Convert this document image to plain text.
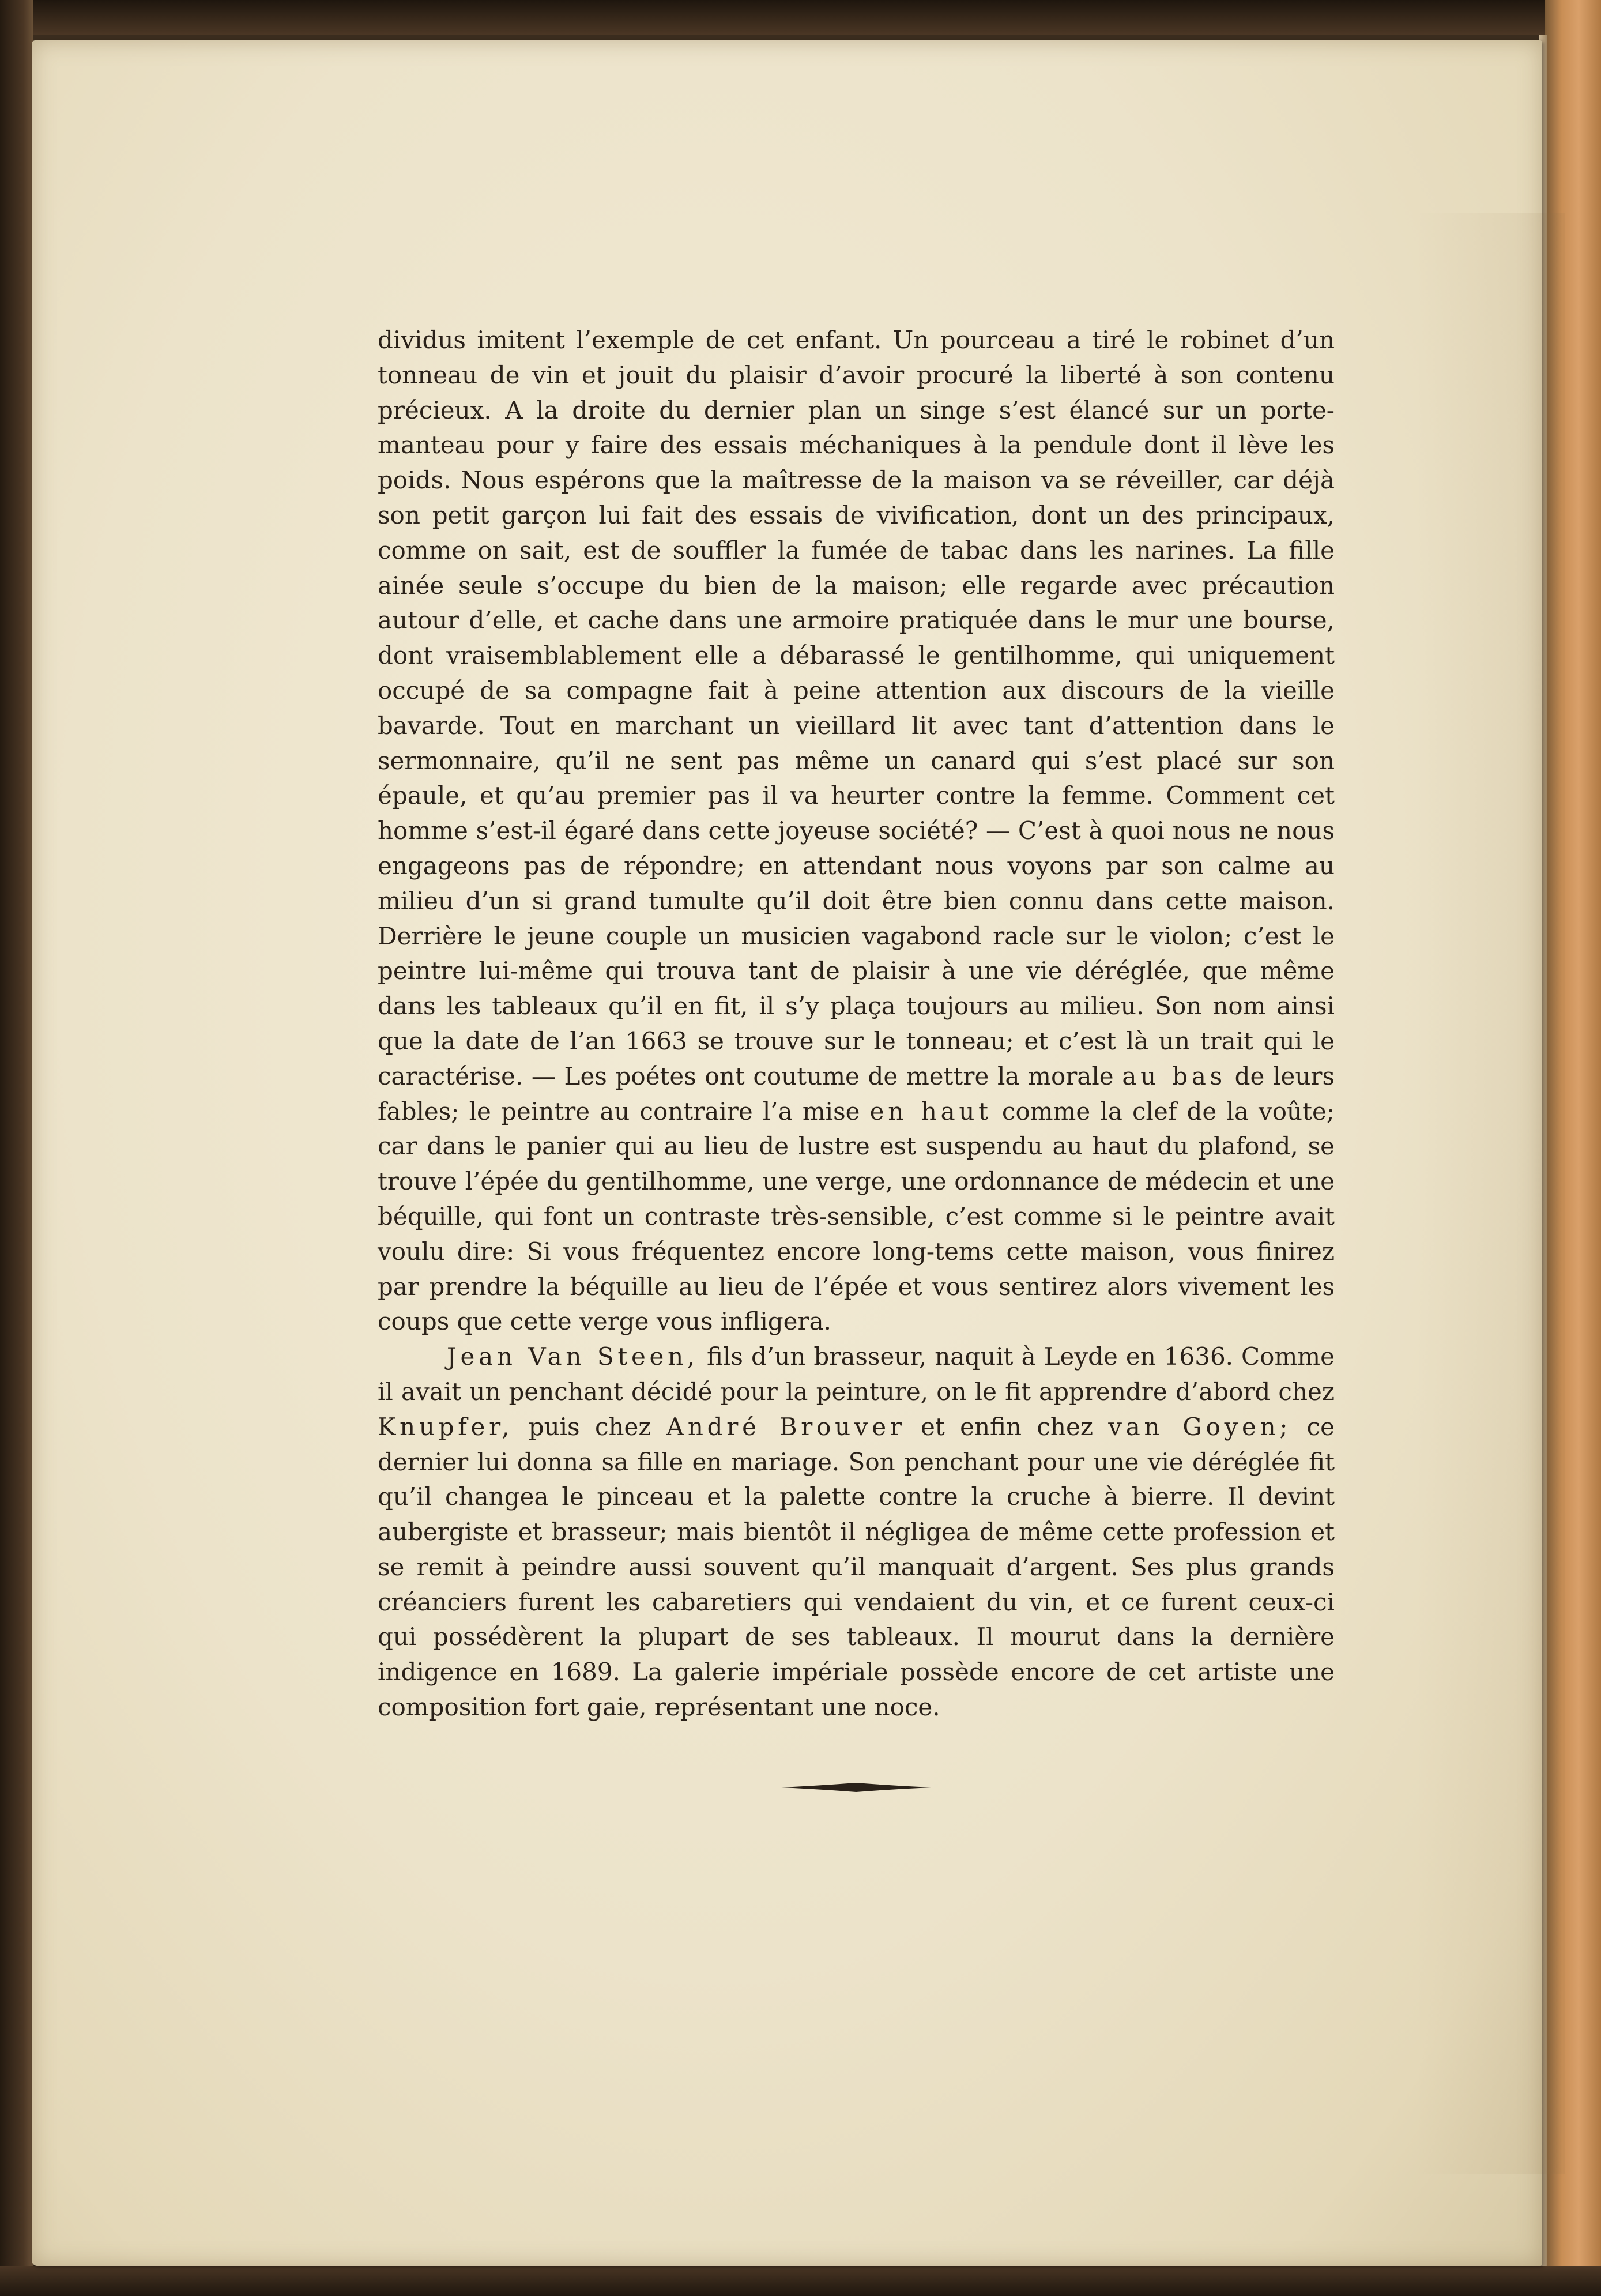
dividus imitent l’exemple de cet enfant. Un pourceau a tiré le robinet d’un tonneau de vin et jouit du plaisir d’avoir procuré la liberté à son contenu précieux. A la droite du dernier plan un singe s’est élancé sur un porte-manteau pour y faire des essais méchaniques à la pendule dont il lève les poids. Nous espérons que la maîtresse de la maison va se réveiller, car déjà son petit garçon lui fait des essais de vivification, dont un des principaux, comme on sait, est de souffler la fumée de tabac dans les narines. La fille ainée seule s’occupe du bien de la maison; elle regarde avec précaution autour d’elle, et cache dans une armoire pratiquée dans le mur une bourse, dont vraisemblablement elle a débarassé le gentilhomme, qui uniquement occupé de sa compagne fait à peine attention aux discours de la vieille bavarde. Tout en marchant un vieillard lit avec tant d’attention dans le sermonnaire, qu’il ne sent pas même un canard qui s’est placé sur son épaule, et qu’au premier pas il va heurter contre la femme. Comment cet homme s’est-il égaré dans cette joyeuse société? — C’est à quoi nous ne nous engageons pas de répondre; en attendant nous voyons par son calme au milieu d’un si grand tumulte qu’il doit être bien connu dans cette maison. Derrière le jeune couple un musicien vagabond racle sur le violon; c’est le peintre lui-même qui trouva tant de plaisir à une vie déréglée, que même dans les tableaux qu’il en fit, il s’y plaça toujours au milieu. Son nom ainsi que la date de l’an 1663 se trouve sur le tonneau; et c’est là un trait qui le caractérise. — Les poétes ont coutume de mettre la morale au bas de leurs fables; le peintre au contraire l’a mise en haut comme la clef de la voûte; car dans le panier qui au lieu de lustre est suspendu au haut du plafond, se trouve l’épée du gentilhomme, une verge, une ordonnance de médecin et une béquille, qui font un contraste très-sensible, c’est comme si le peintre avait voulu dire: Si vous fréquentez encore long-tems cette maison, vous finirez par prendre la béquille au lieu de l’épée et vous sentirez alors vivement les coups que cette verge vous infligera.

Jean Van Steen, fils d’un brasseur, naquit à Leyde en 1636. Comme il avait un penchant décidé pour la peinture, on le fit apprendre d’abord chez Knupfer, puis chez André Brouver et enfin chez van Goyen; ce dernier lui donna sa fille en mariage. Son penchant pour une vie déréglée fit qu’il changea le pinceau et la palette contre la cruche à bierre. Il devint aubergiste et brasseur; mais bientôt il négligea de même cette profession et se remit à peindre aussi souvent qu’il manquait d’argent. Ses plus grands créanciers furent les cabaretiers qui vendaient du vin, et ce furent ceux-ci qui possédèrent la plupart de ses tableaux. Il mourut dans la dernière indigence en 1689. La galerie impériale possède encore de cet artiste une composition fort gaie, représentant une noce.
